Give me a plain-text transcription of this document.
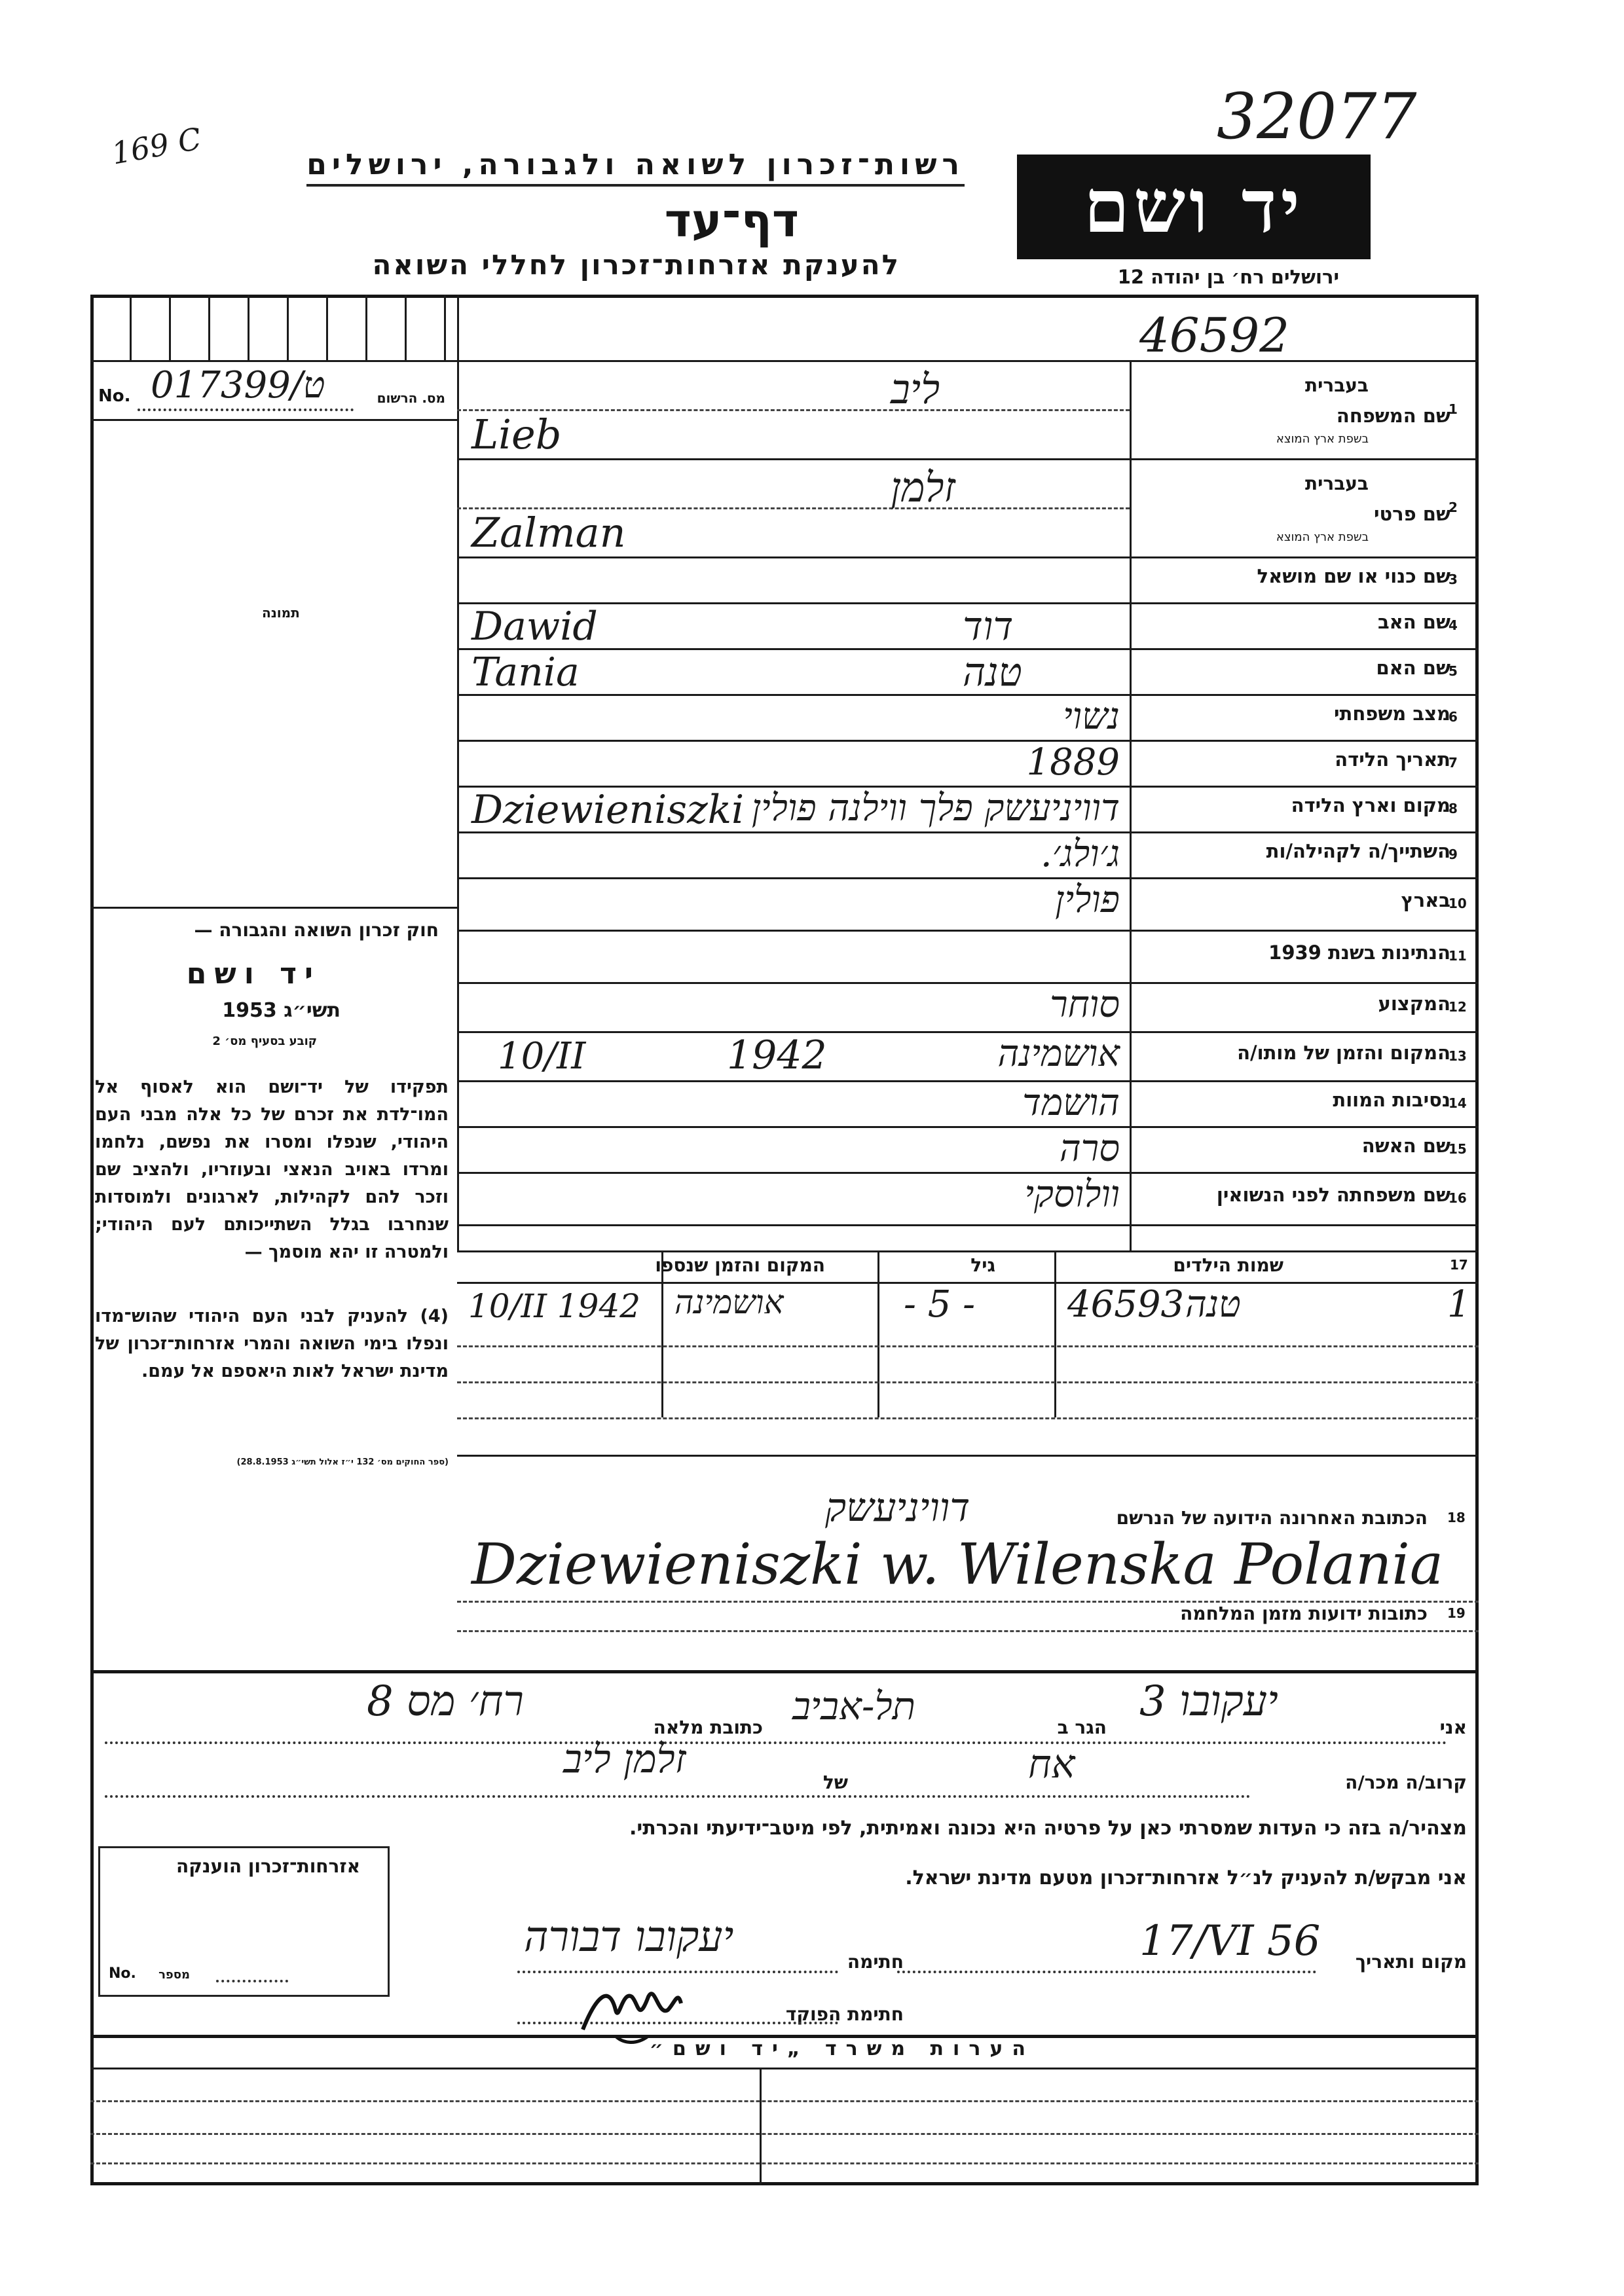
169 C	32077
רשות־זכרון לשואה ולגבורה, ירושלים
דף־עד
להענקת אזרחות־זכרון לחללי השואה
יד ושם
ירושלים רח׳ בן יהודה 12
46592
מס. הרשום
No. 01739ט/9
תמונה
חוק זכרון השואה והגבורה —
יד ושם
תשי״ג 1953
קובע בסעיף מס׳ 2
תפקידו של יד־ושם הוא לאסוף אל המו־לדת את זכרם של כל אלה מבני העם היהודי, שנפלו ומסרו את נפשם, נלחמו ומרדו באויב הנאצי ובעוזריו, ולהציב שם וזכר להם לקהילות, לארגונים ולמוסדות שנחרבו בגלל השתייכותם לעם היהודי; ולמטרה זו יהא מוסמך —
(4) להעניק לבני העם היהודי שהוש־מדו ונפלו בימי השואה והמרי אזרחות־זכרון של מדינת ישראל לאות היאספם אל עמם.
(ספר החוקים מס׳ 132 י״ז אלול תשי״ג 28.8.1953)
1
שם המשפחה
בעברית
בשפת ארץ המוצא
ליב
Lieb
2
שם פרטי
בעברית
בשפת ארץ המוצא
זלמן
Zalman
3
שם כנוי או שם מושאל
4
שם האב
דוד
Dawid
5
שם האם
טנה
Tania
6
מצב משפחתי
נשוי
7
תאריך הלידה
1889
8
מקום וארץ הלידה
Dziewieniszki דוויניעשק פלך ווילנה פולין
9
השתייך/ה לקהילה/ות
ג׳ולג׳.
10
בארץ
פולין
11
הנתינות בשנת 1939
12
המקצוע
סוחר
13
המקום והזמן של מותו/ה
אושמינה
1942
10/II
14
נסיבות המוות
הושמד
15
שם האשה
סרה
16
שם משפחתה לפני הנשואין
וולוסקי
17
שמות הילדים
גיל
המקום והזמן שנספו
1
טנה
46593
- 5 -
אושמינה
10/II 1942
הכתובת האחרונה הידועה של הנרשם 18
דוויניעשק
Dziewieniszki w. Wilenska Polania
כתובות ידועות מזמן המלחמה 19
אני
3 יעקובו
הגר ב
תל-אביב
כתובת מלאה
רח׳ מס 8
קרוב/ה מכר/ה
אח
של
זלמן ליב
מצהיר/ה בזה כי העדות שמסרתי כאן על פרטיה היא נכונה ואמיתית, לפי מיטב־ידיעתי והכרתי.
אני מבקש/ת להעניק לנ״ל אזרחות־זכרון מטעם מדינת ישראל.
מקום ותאריך
17/VI 56
חתימה
יעקובו דבורה
חתימת הפוקד
אזרחות־זכרון הוענקה
מספר
No.
הערות משרד „יד ושם״
